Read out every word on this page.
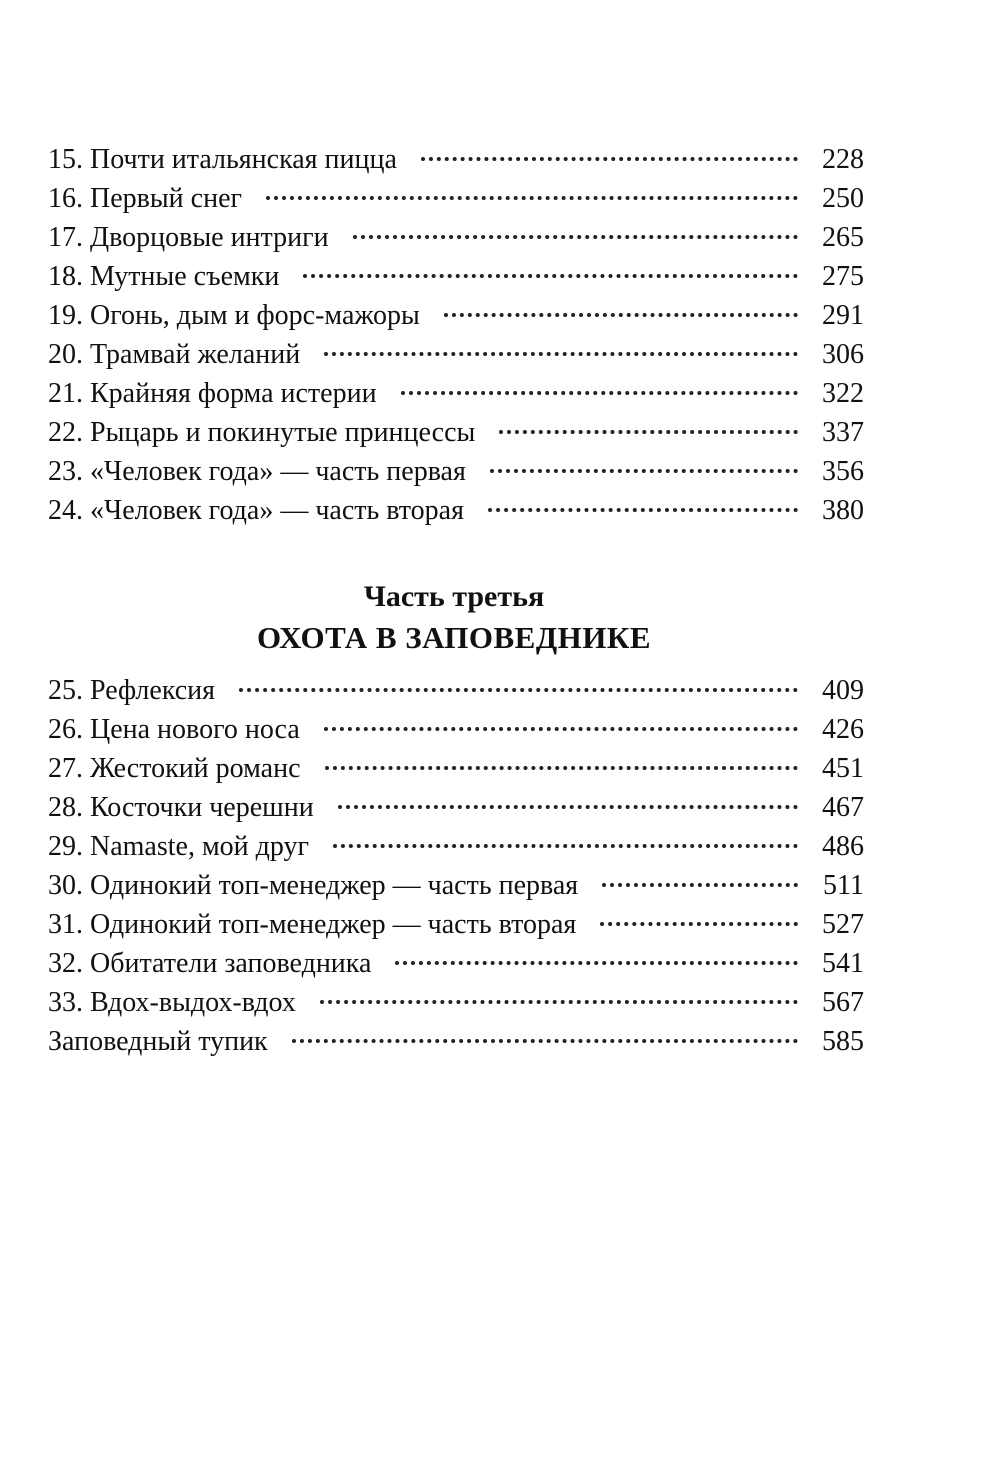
15. Почти итальянская пицца	228
16. Первый снег	250
17. Дворцовые интриги	265
18. Мутные съемки	275
19. Огонь, дым и форс-мажоры	291
20. Трамвай желаний	306
21. Крайняя форма истерии	322
22. Рыцарь и покинутые принцессы	337
23. «Человек года» — часть первая	356
24. «Человек года» — часть вторая	380
Часть третья
ОХОТА В ЗАПОВЕДНИКЕ
25. Рефлексия	409
26. Цена нового носа	426
27. Жестокий романс	451
28. Косточки черешни	467
29. Namaste, мой друг	486
30. Одинокий топ-менеджер — часть первая	511
31. Одинокий топ-менеджер — часть вторая	527
32. Обитатели заповедника	541
33. Вдох-выдох-вдох	567
Заповедный тупик	585
